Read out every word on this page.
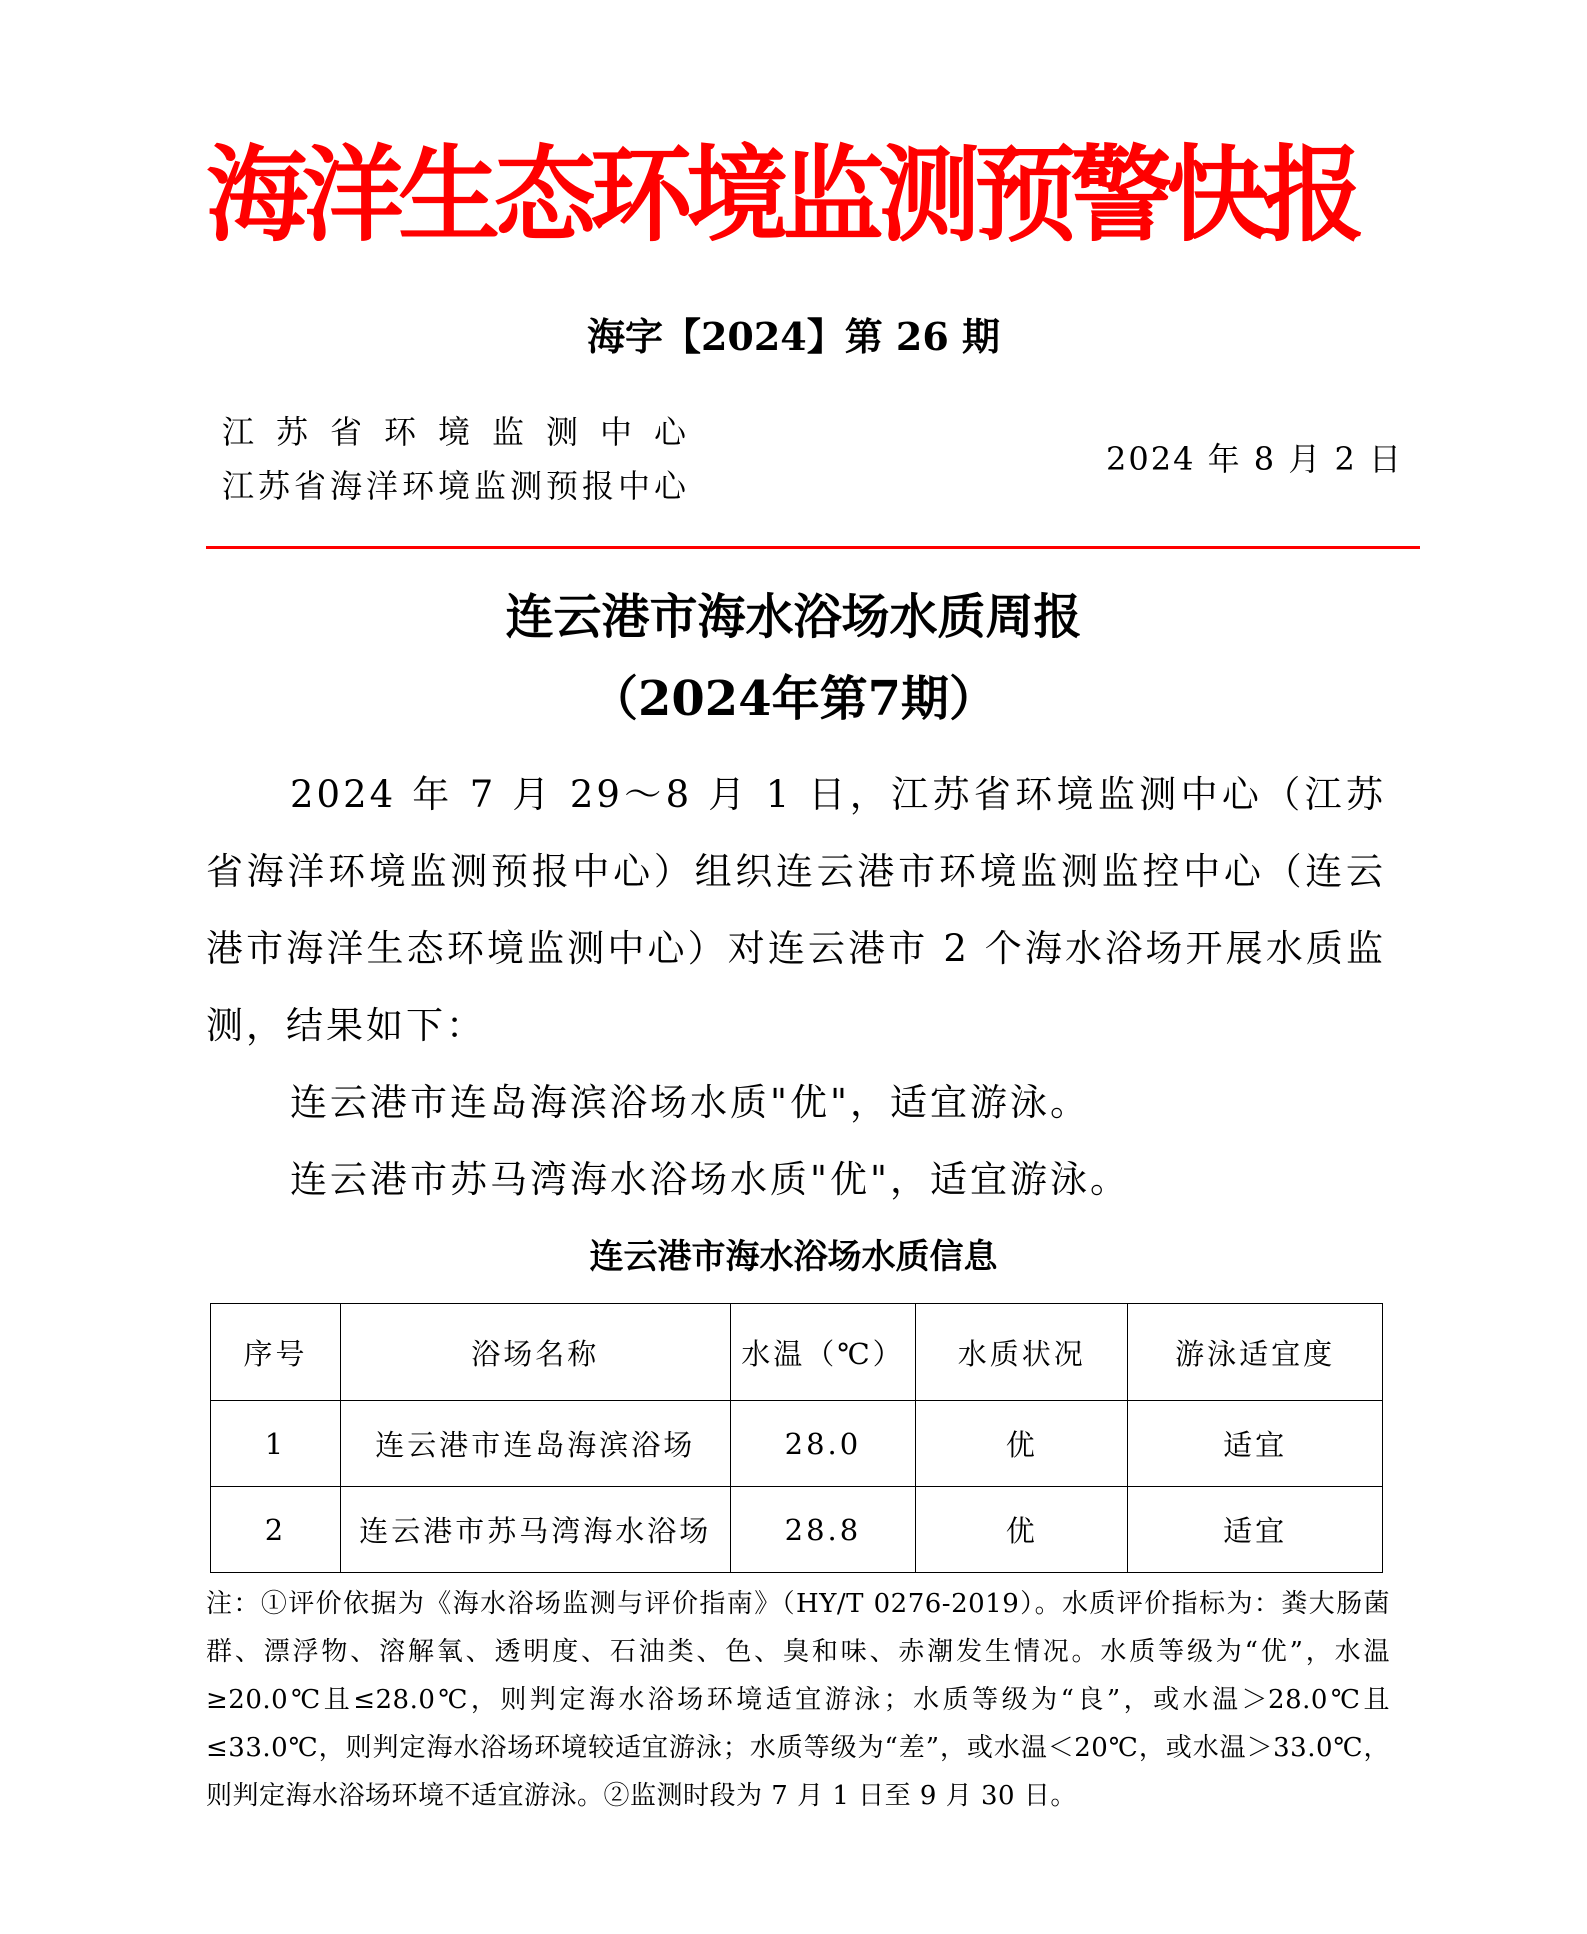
海洋生态环境监测预警快报
海字【2024】第 26 期
江苏省环境监测中心
江苏省海洋环境监测预报中心
2024 年 8 月 2 日
连云港市海水浴场水质周报
（2024年第7期）

2024 年 7 月 29～8 月 1 日，江苏省环境监测中心（江苏省海洋环境监测预报中心）组织连云港市环境监测监控中心（连云港市海洋生态环境监测中心）对连云港市 2 个海水浴场开展水质监测，结果如下：

连云港市连岛海滨浴场水质"优"，适宜游泳。

连云港市苏马湾海水浴场水质"优"，适宜游泳。

连云港市海水浴场水质信息
序号	浴场名称	水温（℃）	水质状况	游泳适宜度
1	连云港市连岛海滨浴场	28.0	优	适宜
2	连云港市苏马湾海水浴场	28.8	优	适宜
注：①评价依据为《海水浴场监测与评价指南》（HY/T 0276-2019）。水质评价指标为：粪大肠菌群、漂浮物、溶解氧、透明度、石油类、色、臭和味、赤潮发生情况。水质等级为“优”，水温≥20.0℃且≤28.0℃，则判定海水浴场环境适宜游泳；水质等级为“良”，或水温＞28.0℃且≤33.0℃，则判定海水浴场环境较适宜游泳；水质等级为“差”，或水温＜20℃，或水温＞33.0℃，则判定海水浴场环境不适宜游泳。②监测时段为 7 月 1 日至 9 月 30 日。
